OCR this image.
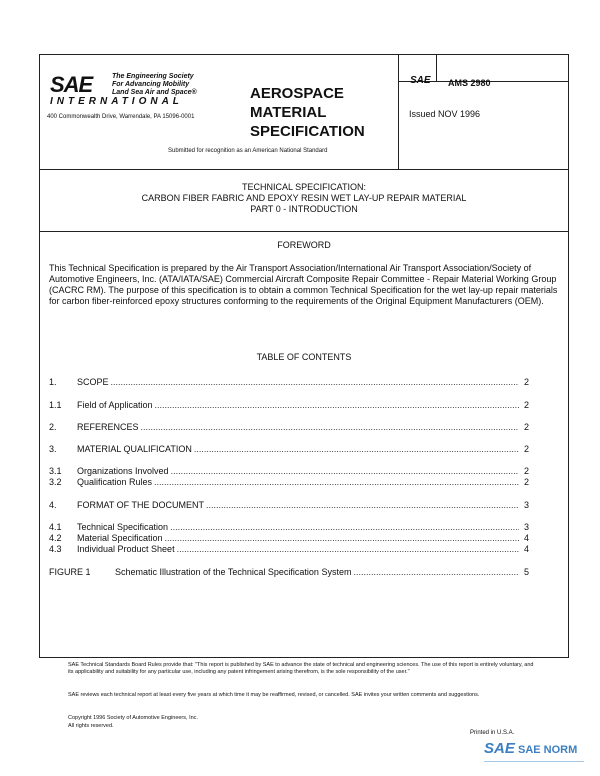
SAE	The Engineering Society
For Advancing Mobility
Land Sea Air and Space®
INTERNATIONAL
400 Commonwealth Drive, Warrendale, PA 15096-0001
AEROSPACE
MATERIAL
SPECIFICATION
Submitted for recognition as an American National Standard
SAE AMS 2980
Issued NOV 1996
TECHNICAL SPECIFICATION:
CARBON FIBER FABRIC AND EPOXY RESIN WET LAY-UP REPAIR MATERIAL
PART 0 - INTRODUCTION
FOREWORD
This Technical Specification is prepared by the Air Transport Association/International Air Transport Association/Society of Automotive Engineers, Inc. (ATA/IATA/SAE) Commercial Aircraft Composite Repair Committee - Repair Material Working Group (CACRC RM). The purpose of this specification is to obtain a common Technical Specification for the wet lay-up repair materials for carbon fiber-reinforced epoxy structures conforming to the requirements of the Original Equipment Manufacturers (OEM).
TABLE OF CONTENTS
1.	SCOPE .....	2
1.1	Field of Application .....	2
2.	REFERENCES .....	2
3.	MATERIAL QUALIFICATION .....	2
3.1	Organizations Involved .....	2
3.2	Qualification Rules .....	2
4.	FORMAT OF THE DOCUMENT .....	3
4.1	Technical Specification .....	3
4.2	Material Specification .....	4
4.3	Individual Product Sheet .....	4
FIGURE 1	Schematic Illustration of the Technical Specification System .....	5
SAE Technical Standards Board Rules provide that: "This report is published by SAE to advance the state of technical and engineering sciences. The use of this report is entirely voluntary, and its applicability and suitability for any particular use, including any patent infringement arising therefrom, is the sole responsibility of the user."
SAE reviews each technical report at least every five years at which time it may be reaffirmed, revised, or cancelled. SAE invites your written comments and suggestions.
Copyright 1996 Society of Automotive Engineers, Inc.
All rights reserved.
Printed in U.S.A.
SAE SAE NORM
